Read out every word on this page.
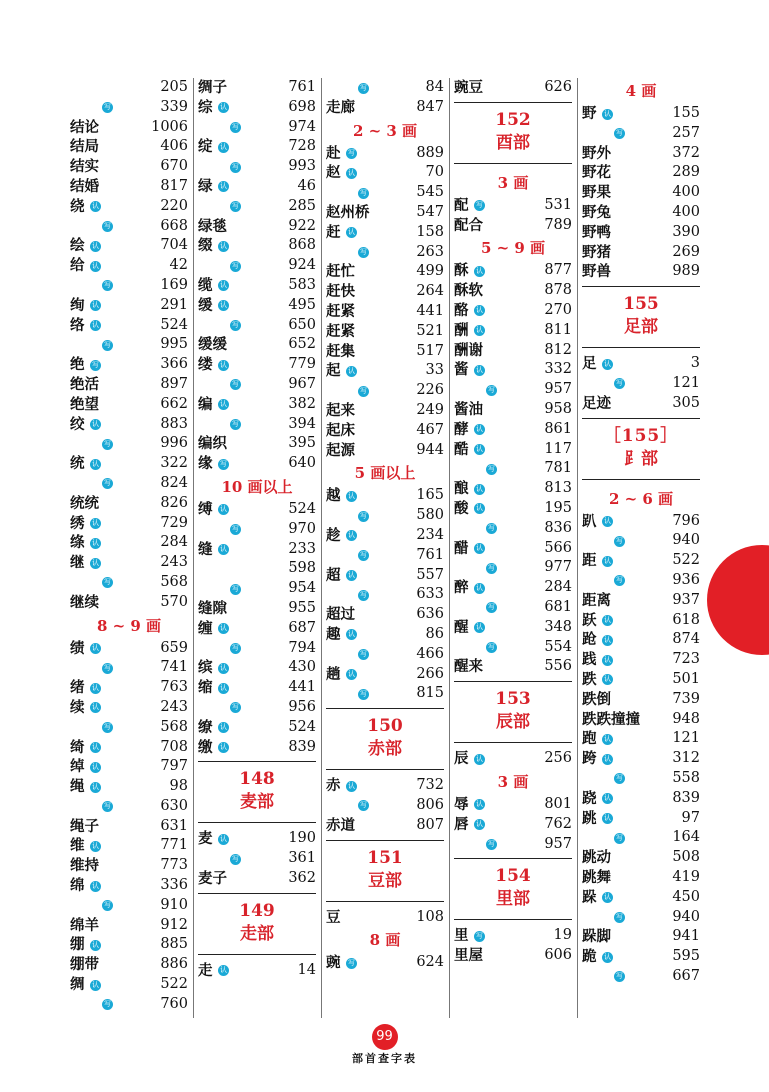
205
写	339
结论	1006
结局	406
结实	670
结婚	817
绕 认	220
写	668
绘 认	704
给 认	42
写	169
绚 认	291
络 认	524
写	995
绝 写	366
绝活	897
绝望	662
绞 认	883
写	996
统 认	322
写	824
统统	826
绣 认	729
绦 认	284
继 认	243
写	568
继续	570
8 ~ 9 画
绩 认	659
写	741
绪 认	763
续 认	243
写	568
绮 认	708
绰 认	797
绳 认	98
写	630
绳子	631
维 认	771
维持	773
绵 认	336
写	910
绵羊	912
绷 认	885
绷带	886
绸 认	522
写	760
绸子	761
综 认	698
写	974
绽 认	728
写	993
绿 认	46
写	285
绿毯	922
缀 认	868
写	924
缆 认	583
缓 认	495
写	650
缓缓	652
缕 认	779
写	967
编 认	382
写	394
编织	395
缘 写	640
10 画以上
缚 认	524
写	970
缝 认	233
598
写	954
缝隙	955
缠 认	687
写	794
缤 认	430
缩 认	441
写	956
缭 认	524
缴 认	839
148
麦部
麦 认	190
写	361
麦子	362
149
走部
走 认	14
写	84
走廊	847
2 ~ 3 画
赴 写	889
赵 认	70
写	545
赵州桥	547
赶 认	158
写	263
赶忙	499
赶快	264
赶紧	441
赶紧	521
赶集	517
起 认	33
写	226
起来	249
起床	467
起源	944
5 画以上
越 认	165
写	580
趁 认	234
写	761
超 认	557
写	633
超过	636
趣 认	86
写	466
趟 认	266
写	815
150
赤部
赤 认	732
写	806
赤道	807
151
豆部
豆	108
8 画
豌 写	624
豌豆	626
152
酉部
3 画
配 写	531
配合	789
5 ~ 9 画
酥 认	877
酥软	878
酪 认	270
酬 认	811
酬谢	812
酱 认	332
写	957
酱油	958
酵 认	861
酷 认	117
写	781
酿 认	813
酸 认	195
写	836
醋 认	566
写	977
醉 认	284
写	681
醒 认	348
写	554
醒来	556
153
辰部
辰 认	256
3 画
辱 认	801
唇 认	762
写	957
154
里部
里 写	19
里屋	606
4 画
野 认	155
写	257
野外	372
野花	289
野果	400
野兔	400
野鸭	390
野猪	269
野兽	989
155
足部
足 认	3
写	121
足迹	305
［155］
⻊部
2 ~ 6 画
趴 认	796
写	940
距 认	522
写	936
距离	937
跃 认	618
跄 认	874
践 认	723
跌 认	501
跌倒	739
跌跌撞撞 948
跑 认	121
跨 认	312
写	558
跷 认	839
跳 认	97
写	164
跳动	508
跳舞	419
跺 认	450
写	940
跺脚	941
跪 认	595
写	667
99
部首查字表
